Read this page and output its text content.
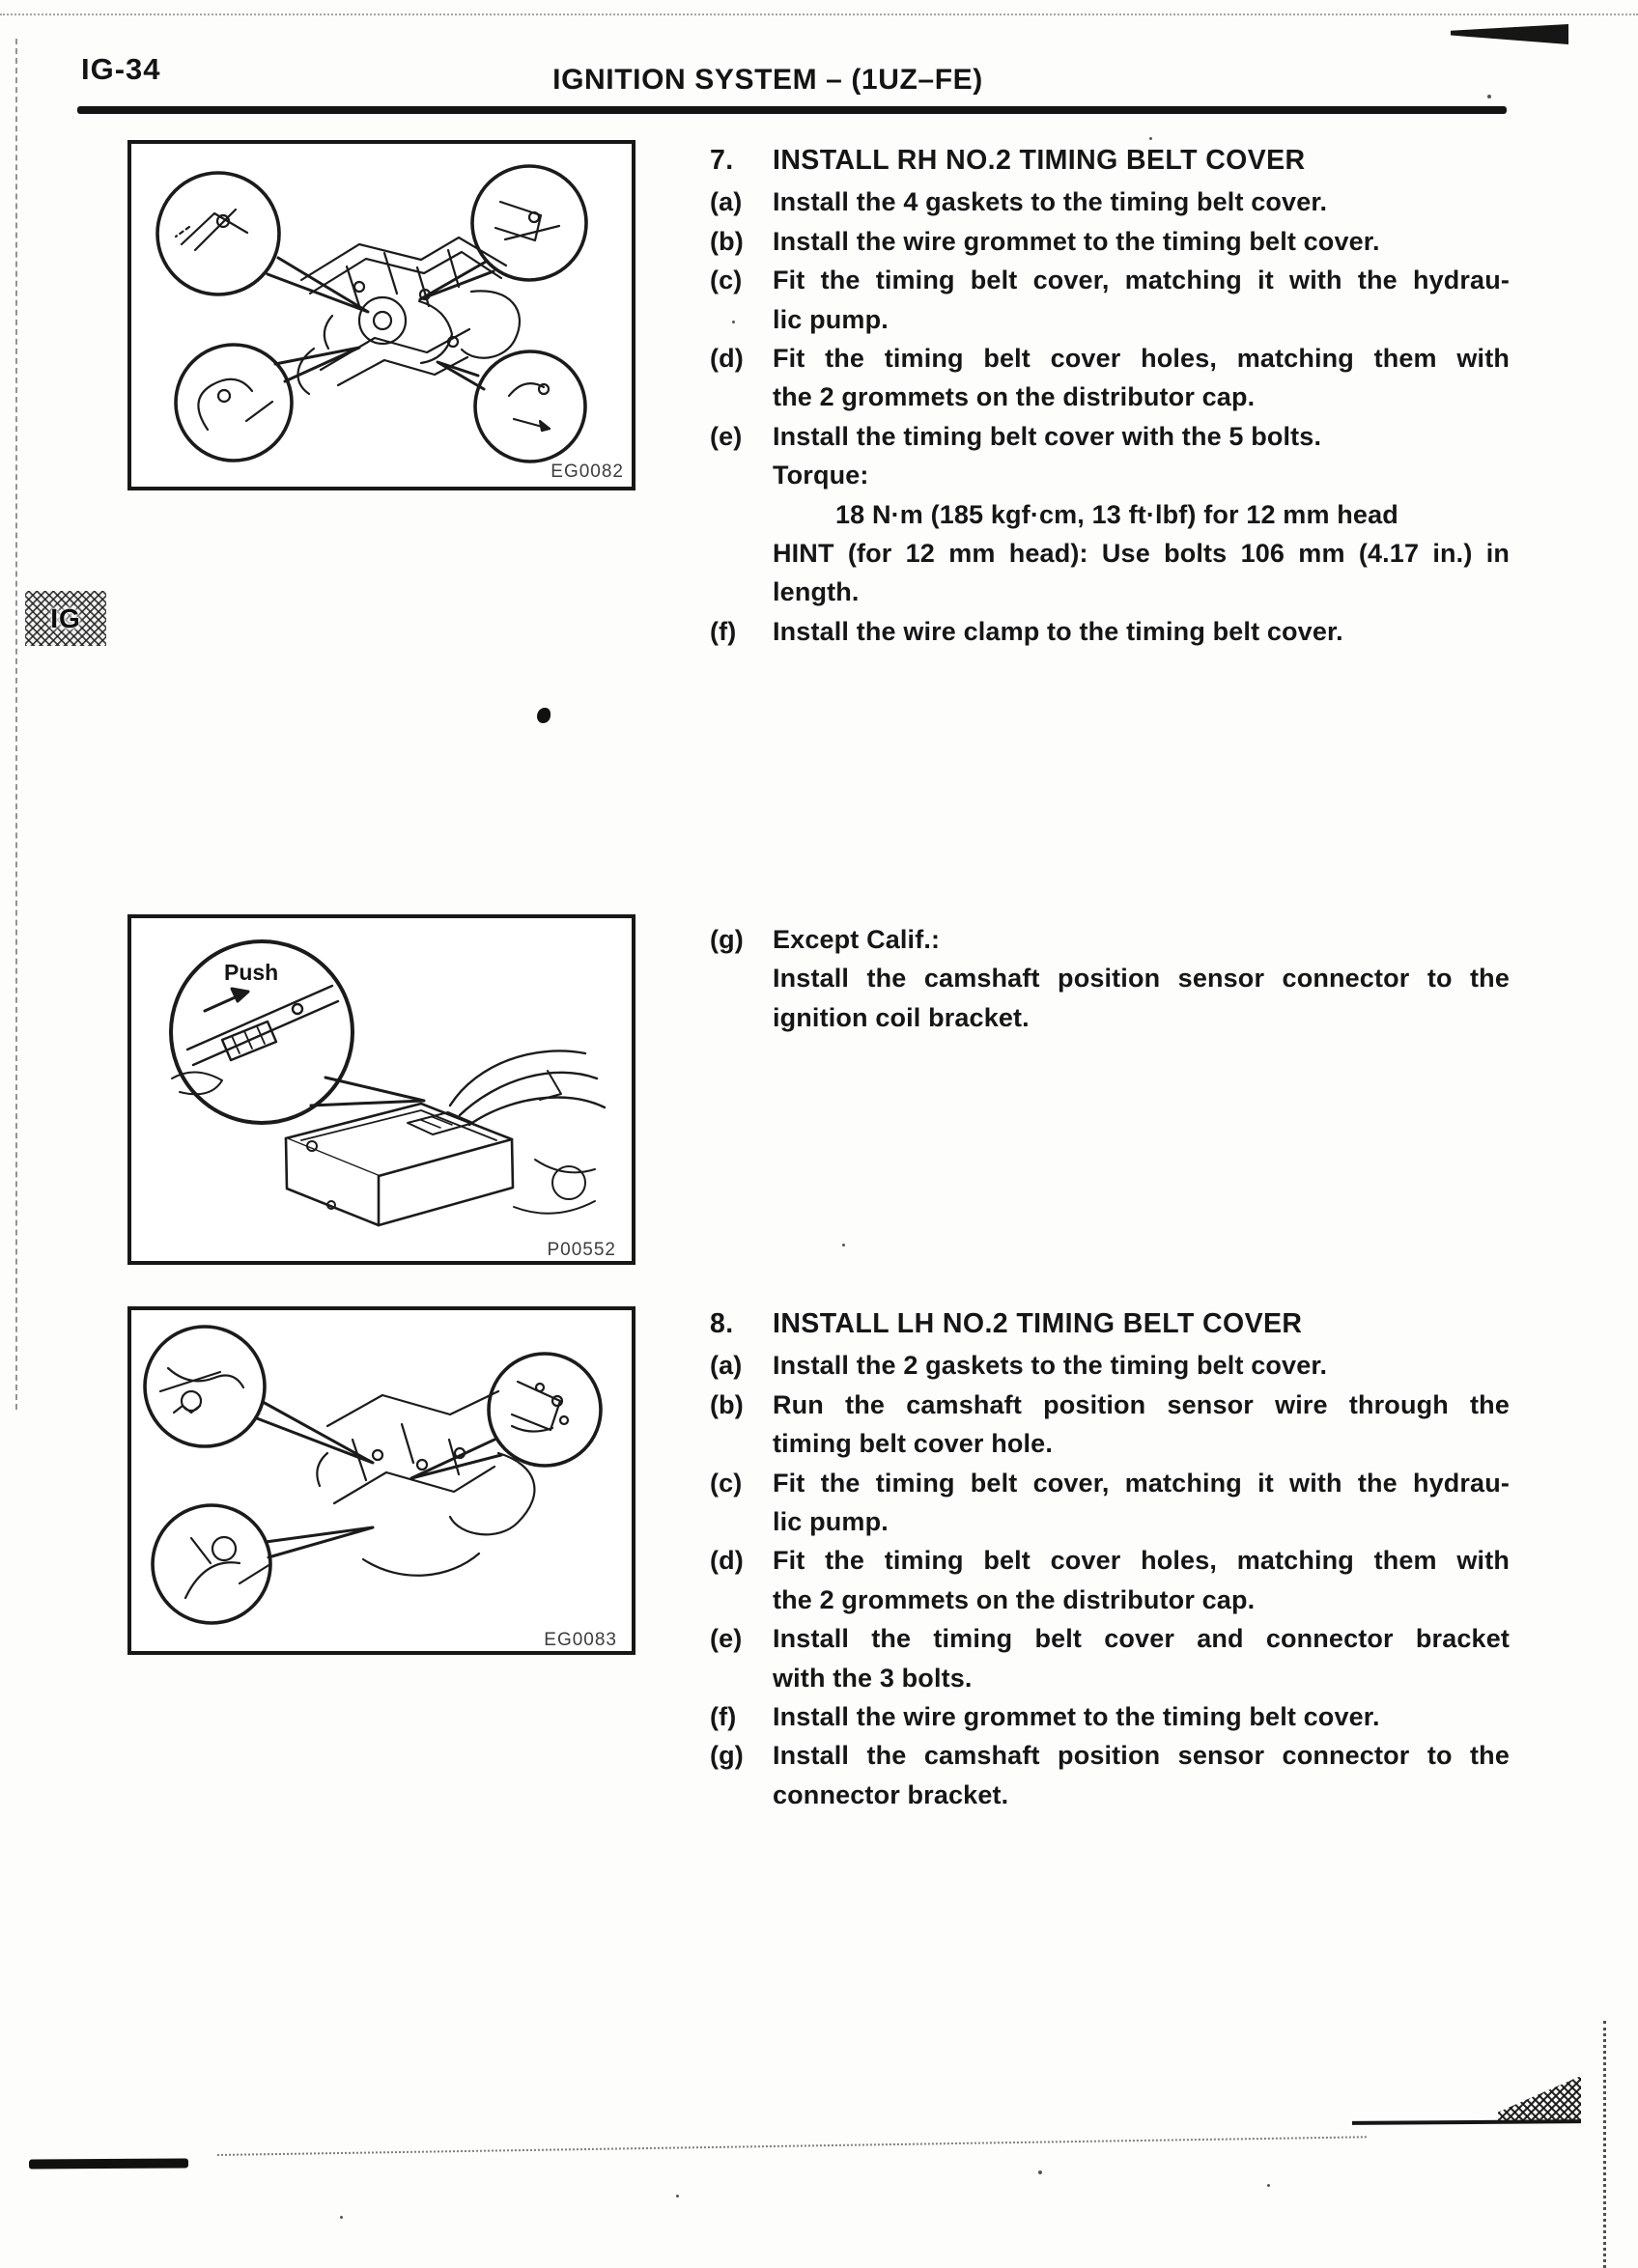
IG-34	IGNITION SYSTEM – (1UZ–FE)
IG
EG0082
Push
P00552
EG0083
7.	INSTALL RH NO.2 TIMING BELT COVER
(a)	Install the 4 gaskets to the timing belt cover.
(b)	Install the wire grommet to the timing belt cover.
(c)	Fit the timing belt cover, matching it with the hydrau-
lic pump.
(d)	Fit the timing belt cover holes, matching them with
the 2 grommets on the distributor cap.
(e)	Install the timing belt cover with the 5 bolts.
Torque:
18 N·m (185 kgf·cm, 13 ft·lbf) for 12 mm head
HINT (for 12 mm head): Use bolts 106 mm (4.17 in.) in
length.
(f)	Install the wire clamp to the timing belt cover.
(g)	Except Calif.:
Install the camshaft position sensor connector to the
ignition coil bracket.
8.	INSTALL LH NO.2 TIMING BELT COVER
(a)	Install the 2 gaskets to the timing belt cover.
(b)	Run the camshaft position sensor wire through the
timing belt cover hole.
(c)	Fit the timing belt cover, matching it with the hydrau-
lic pump.
(d)	Fit the timing belt cover holes, matching them with
the 2 grommets on the distributor cap.
(e)	Install the timing belt cover and connector bracket
with the 3 bolts.
(f)	Install the wire grommet to the timing belt cover.
(g)	Install the camshaft position sensor connector to the
connector bracket.
